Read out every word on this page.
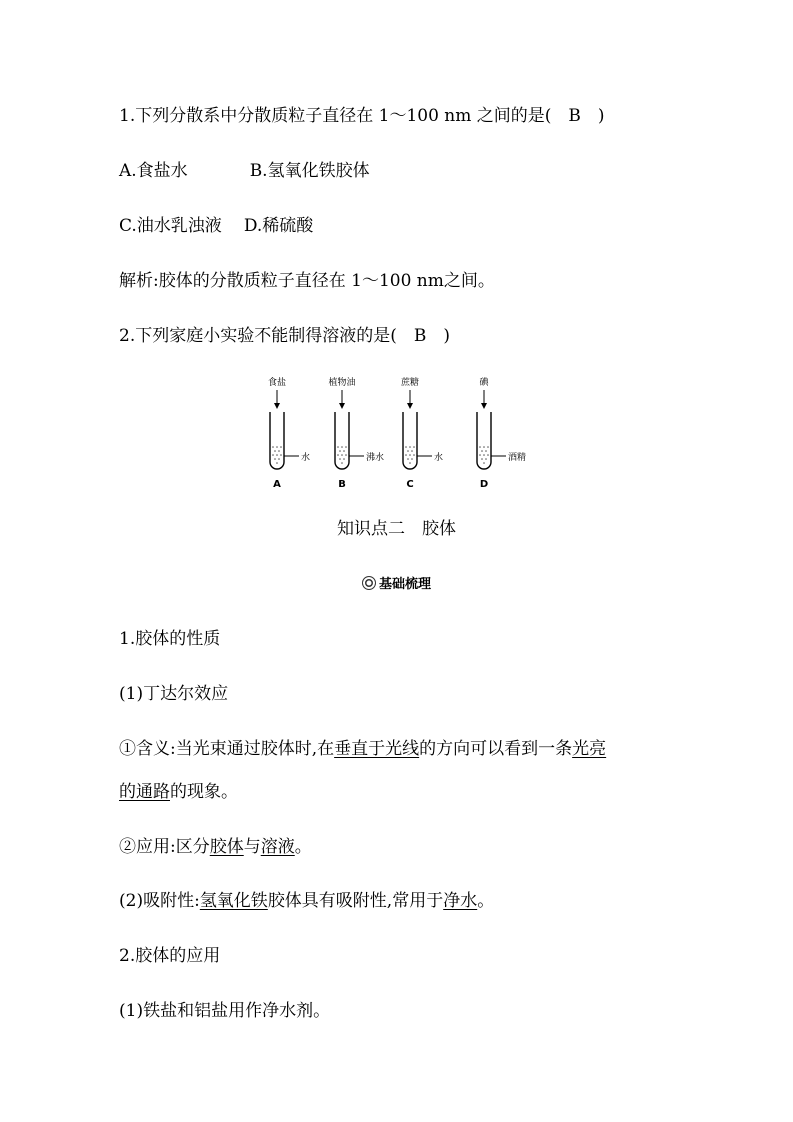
1.下列分散系中分散质粒子直径在 1～100 nm 之间的是(　B　)
A.食盐水	B.氢氧化铁胶体
C.油水乳浊液 D.稀硫酸
解析:胶体的分散质粒子直径在 1～100 nm之间。
2.下列家庭小实验不能制得溶液的是(　B　)
食盐
水
A
植物油
沸水
B
蔗糖
水
C
碘
酒精
D
知识点二　胶体
基础梳理
1.胶体的性质
(1)丁达尔效应
①含义:当光束通过胶体时,在垂直于光线的方向可以看到一条光亮
的通路的现象。
②应用:区分胶体与溶液。
(2)吸附性:氢氧化铁胶体具有吸附性,常用于净水。
2.胶体的应用
(1)铁盐和铝盐用作净水剂。
